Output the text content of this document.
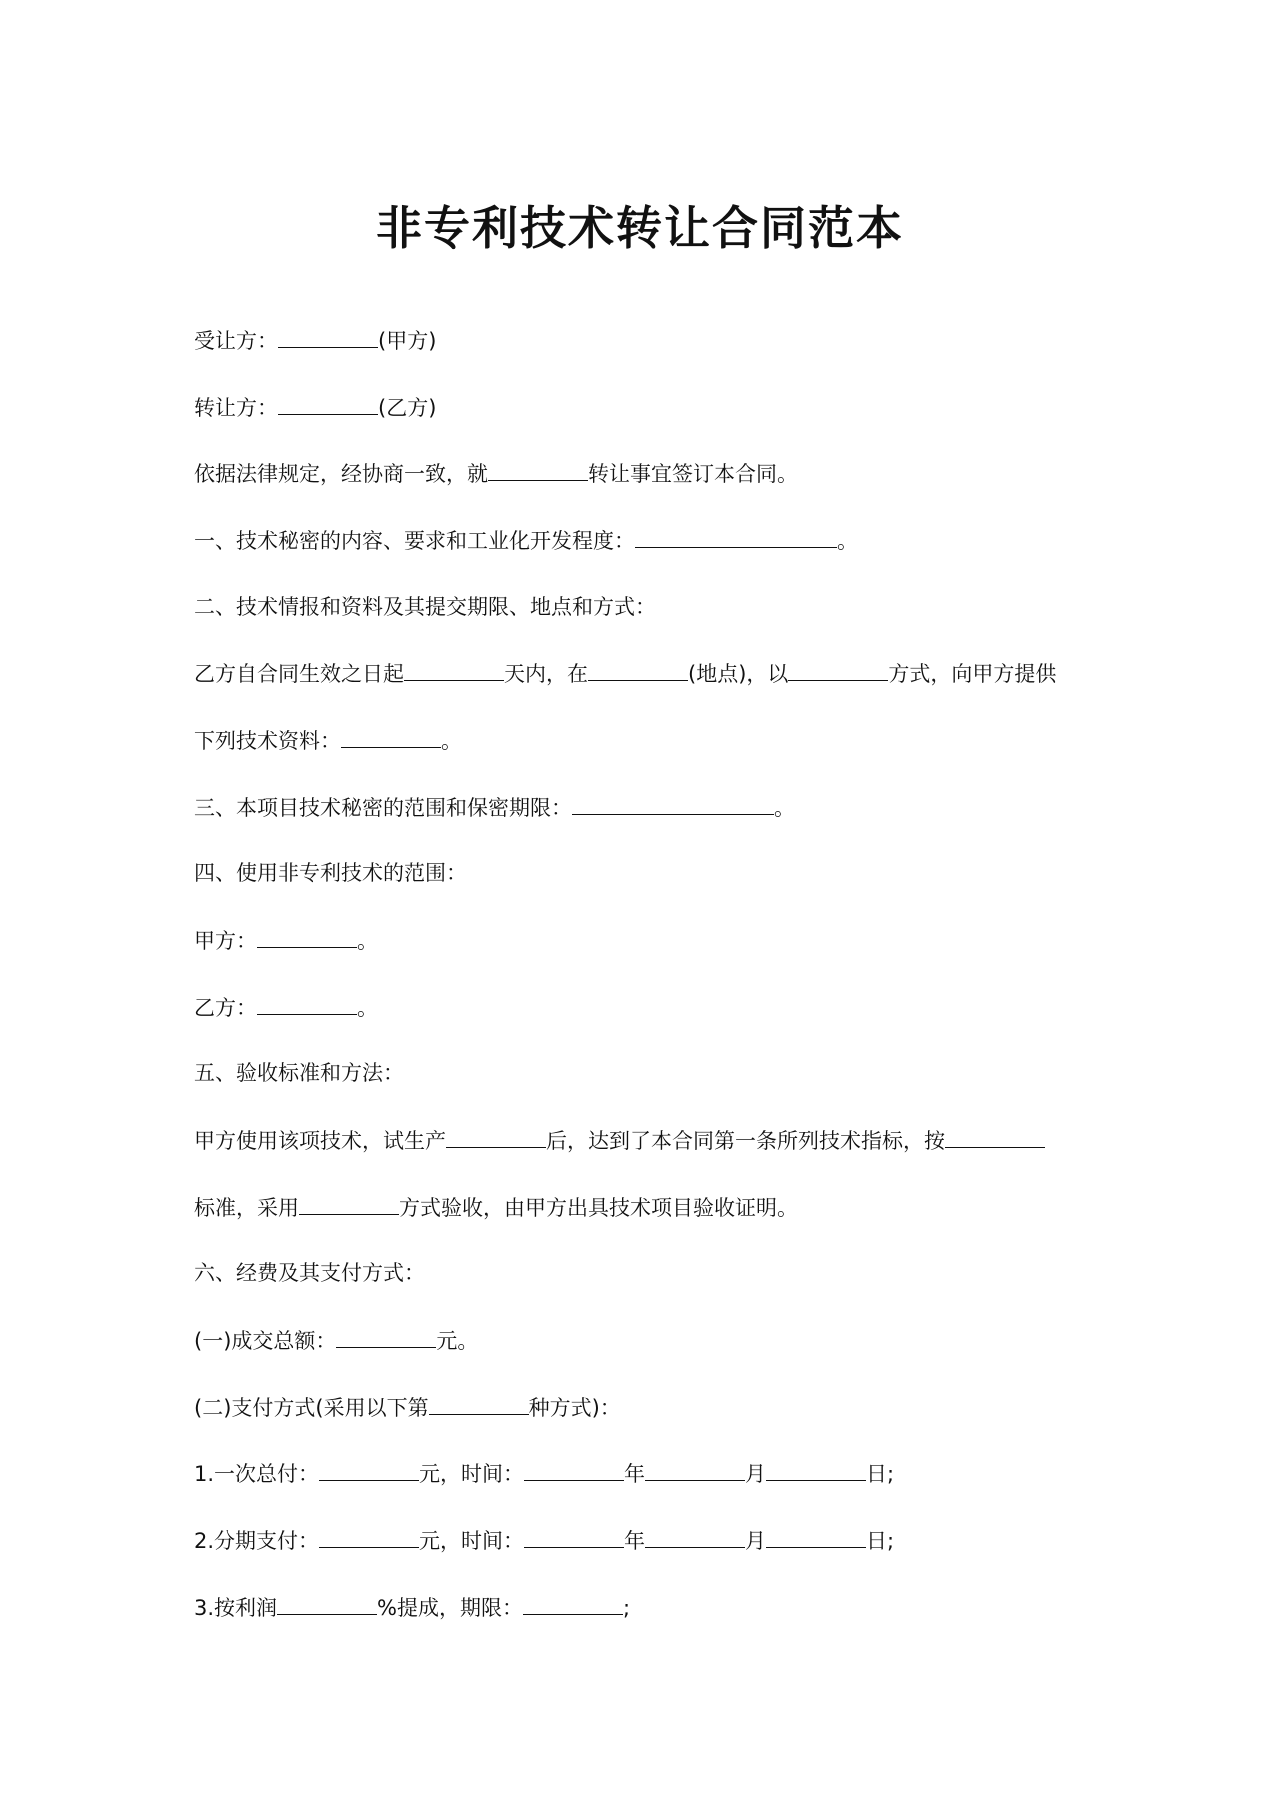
非专利技术转让合同范本
受让方：	(甲方)
转让方：	(乙方)
依据法律规定，经协商一致，就	转让事宜签订本合同。
一、技术秘密的内容、要求和工业化开发程度：	。
二、技术情报和资料及其提交期限、地点和方式：
乙方自合同生效之日起	天内，在	(地点)，以	方式，向甲方提供
下列技术资料：	。
三、本项目技术秘密的范围和保密期限：	。
四、使用非专利技术的范围：
甲方：	。
乙方：	。
五、验收标准和方法：
甲方使用该项技术，试生产	后，达到了本合同第一条所列技术指标，按
标准，采用	方式验收，由甲方出具技术项目验收证明。
六、经费及其支付方式：
(一)成交总额：	元。
(二)支付方式(采用以下第	种方式)：
1.一次总付：	元，时间：	年	月	日;
2.分期支付：	元，时间：	年	月	日;
3.按利润	%提成，期限：	;
